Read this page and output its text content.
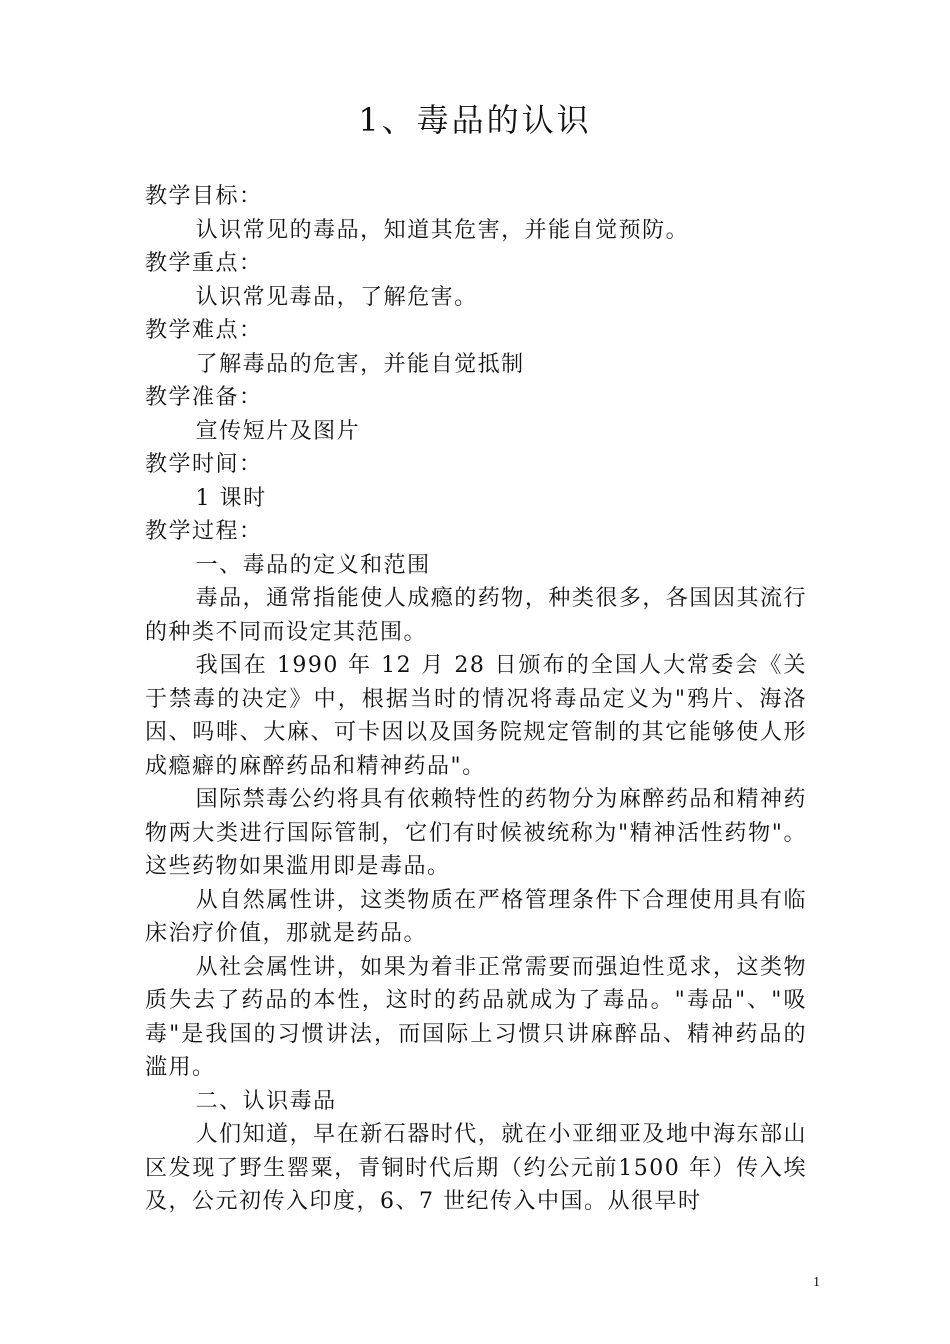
1、毒品的认识

教学目标：

认识常见的毒品，知道其危害，并能自觉预防。

教学重点：

认识常见毒品，了解危害。

教学难点：

了解毒品的危害，并能自觉抵制

教学准备：

宣传短片及图片

教学时间：

1 课时

教学过程：

一、毒品的定义和范围

毒品，通常指能使人成瘾的药物，种类很多，各国因其流行的种类不同而设定其范围。

我国在 1990 年 12 月 28 日颁布的全国人大常委会《关于禁毒的决定》中，根据当时的情况将毒品定义为"鸦片、海洛因、吗啡、大麻、可卡因以及国务院规定管制的其它能够使人形成瘾癖的麻醉药品和精神药品"。

国际禁毒公约将具有依赖特性的药物分为麻醉药品和精神药物两大类进行国际管制，它们有时候被统称为"精神活性药物"。这些药物如果滥用即是毒品。

从自然属性讲，这类物质在严格管理条件下合理使用具有临床治疗价值，那就是药品。

从社会属性讲，如果为着非正常需要而强迫性觅求，这类物质失去了药品的本性，这时的药品就成为了毒品。"毒品"、"吸毒"是我国的习惯讲法，而国际上习惯只讲麻醉品、精神药品的滥用。

二、认识毒品

人们知道，早在新石器时代，就在小亚细亚及地中海东部山区发现了野生罂粟，青铜时代后期（约公元前1500 年）传入埃及，公元初传入印度，6、7 世纪传入中国。从很早时

1
